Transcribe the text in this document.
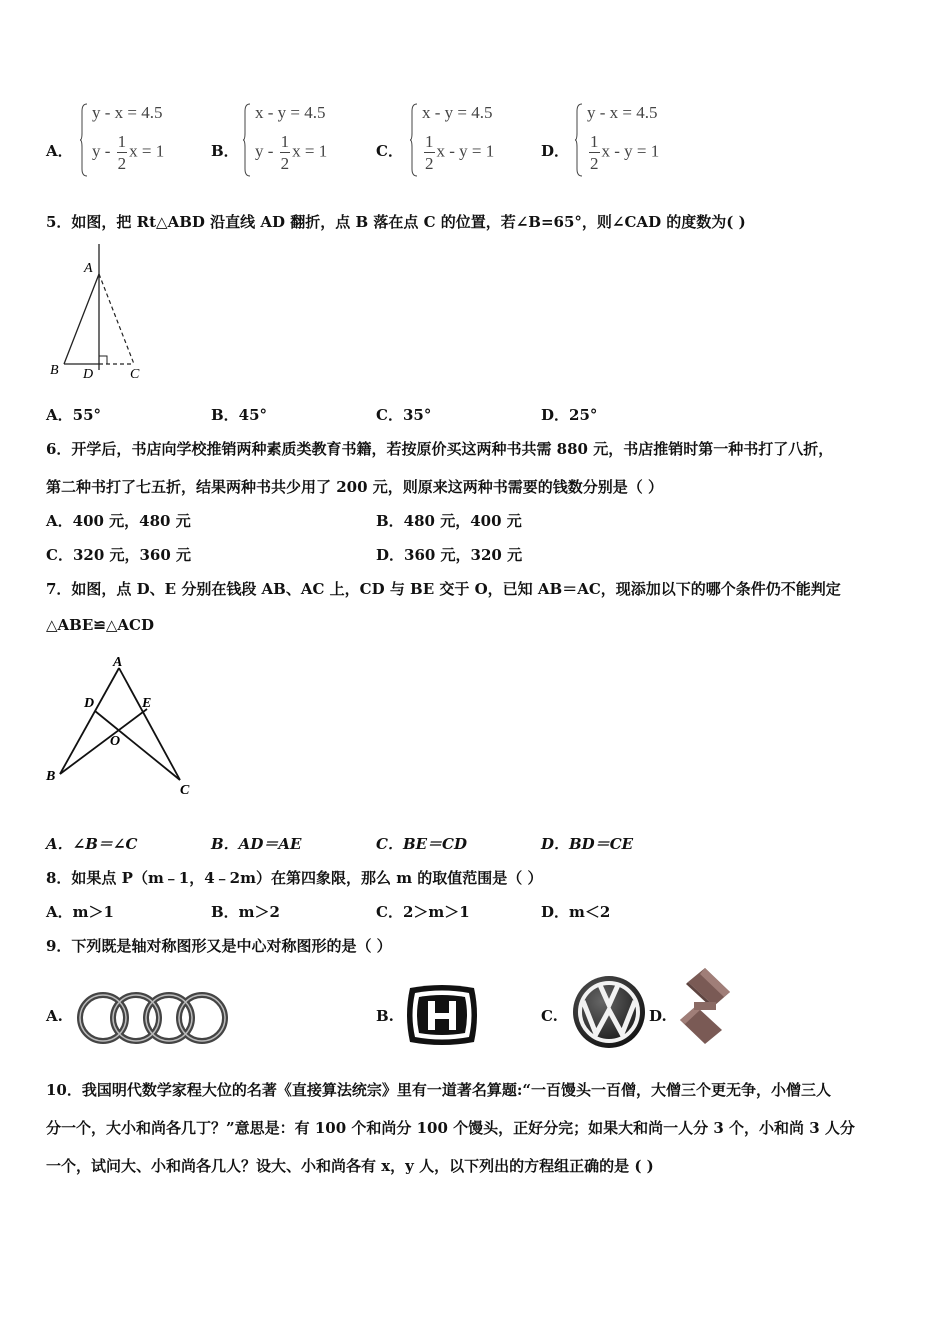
A．
y - x = 4.5
y - $\frac{1}{2}$ x = 1	B．
x - y = 4.5
y - $\frac{1}{2}$ x = 1	C．
x - y = 4.5
$\frac{1}{2}$ x - y = 1	D．
y - x = 4.5
$\frac{1}{2}$ x - y = 1
5．如图，把 Rt△ABD 沿直线 AD 翻折，点 B 落在点 C 的位置，若∠B=65°，则∠CAD 的度数为( )
A
B D	C
A．55°	B．45°	C．35°	D．25°
6．开学后，书店向学校推销两种素质类教育书籍，若按原价买这两种书共需 880 元，书店推销时第一种书打了八折，
第二种书打了七五折，结果两种书共少用了 200 元，则原来这两种书需要的钱数分别是（ ）
A．400 元，480 元	B．480 元，400 元
C．320 元，360 元	D．360 元，320 元
7．如图，点 D、E 分别在钱段 AB、AC 上，CD 与 BE 交于 O，已知 AB＝AC，现添加以下的哪个条件仍不能判定
△ABE≌△ACD
A
D	E
O
B
C
A．∠B＝∠C	B．AD＝AE	C．BE＝CD	D．BD＝CE
8．如果点 P（m﹣1，4﹣2m）在第四象限，那么 m 的取值范围是（ ）
A．m＞1	B．m＞2	C．2＞m＞1	D．m＜2
9．下列既是轴对称图形又是中心对称图形的是（ ）
A.	B.	C.	D.
10．我国明代数学家程大位的名著《直接算法统宗》里有一道著名算题:“一百馒头一百僧，大僧三个更无争，小僧三人
分一个，大小和尚各几丁？”意思是：有 100 个和尚分 100 个馒头，正好分完；如果大和尚一人分 3 个，小和尚 3 人分
一个，试问大、小和尚各几人？设大、小和尚各有 x，y 人，以下列出的方程组正确的是 ( )
